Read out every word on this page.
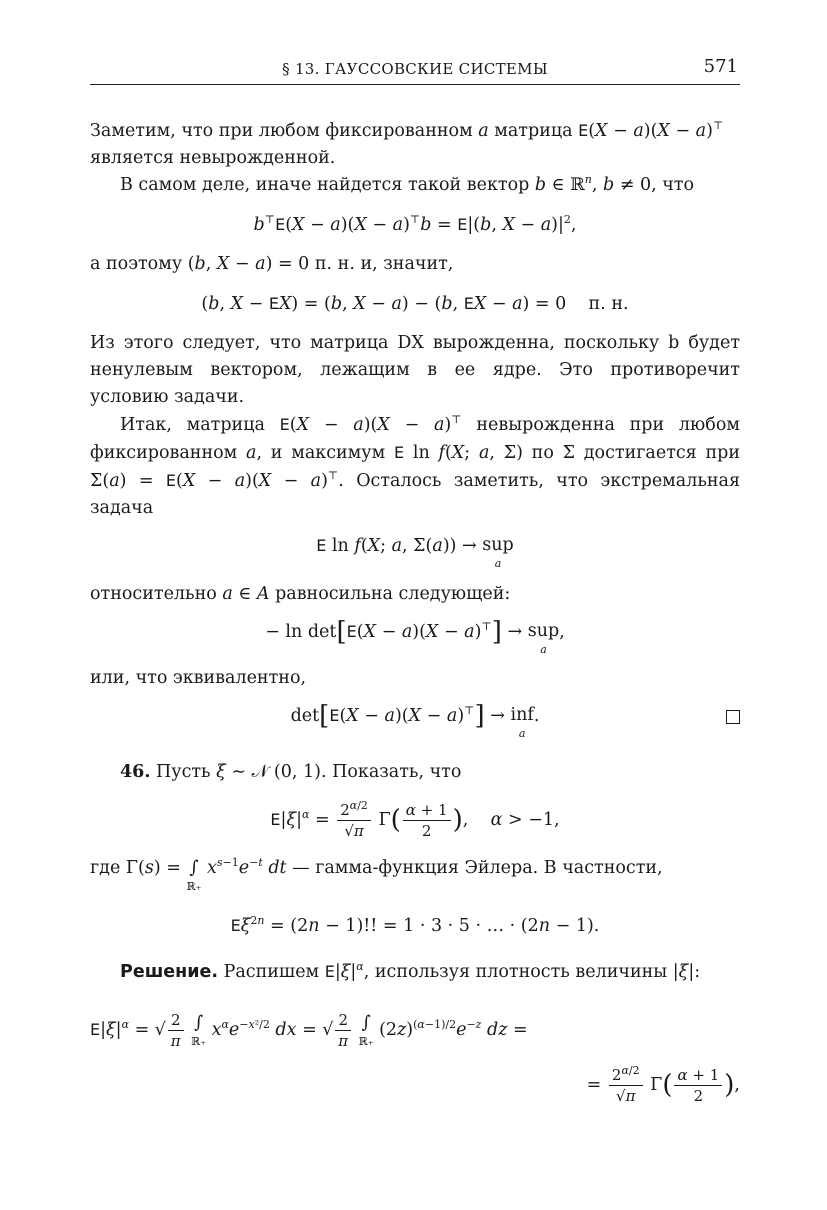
§ 13. ГАУССОВСКИЕ СИСТЕМЫ	571

Заметим, что при любом фиксированном a матрица E(X − a)(X − a)⊤
является невырожденной.

В самом деле, иначе найдется такой вектор b ∈ ℝ$^n$, b ≠ 0, что

b⊤E(X − a)(X − a)⊤b = E|(b, $X - a)|^2$,

а поэтому (b, X − a) = 0 п. н. и, значит,

(b, X − EX) = (b, X − a) − (b, EX − a) = 0    п. н.

Из этого следует, что матрица DX вырожденна, поскольку b будет ненулевым вектором, лежащим в ее ядре. Это противоречит условию задачи.

Итак, матрица E(X − a)(X − a)⊤ невырожденна при любом фиксированном a, и максимум E ln f(X; a, Σ) по Σ достигается при Σ(a) = E(X − a)(X − a)⊤. Осталось заметить, что экстремальная задача

E ln f(X; a, Σ(a)) → sup
a

относительно a ∈ A равносильна следующей:

− ln det[E(X − a)(X − a)⊤] → sup
a
,

или, что эквивалентно,

det[E(X − a)(X − a)⊤] → inf
a
.

46. Пусть ξ ∼ 𝒩 (0, 1). Показать, что

$E|\xi|^\alpha = \frac{2^{\alpha/2}}{√\pi} \Gamma( \frac{\alpha + 1}{2}$ ),    α > −1,

где Γ(s) = ∫
ℝ₊
$x^{s-1}e^{-t}$ dt — гамма-функция Эйлера. В частности,

$E\xi^{2n} = (2n - 1)$!! = 1 · 3 · 5 · … · (2n − 1).

Решение. Распишем $E|\xi|^\alpha$, используя плотность величины |ξ|:

$E|\xi|^\alpha$ = √ $\frac{2}{\pi}$ ∫
ℝ₊
$x^\alpha e^{-x^2/2}$ dx = √ $\frac{2}{\pi}$ ∫
ℝ₊
$(2z)^{(\alpha-1)/2}e^{-z}$ dz =
= $\frac{2^{\alpha/2}}{√\pi} \Gamma( \frac{\alpha + 1}{2}$ ),
